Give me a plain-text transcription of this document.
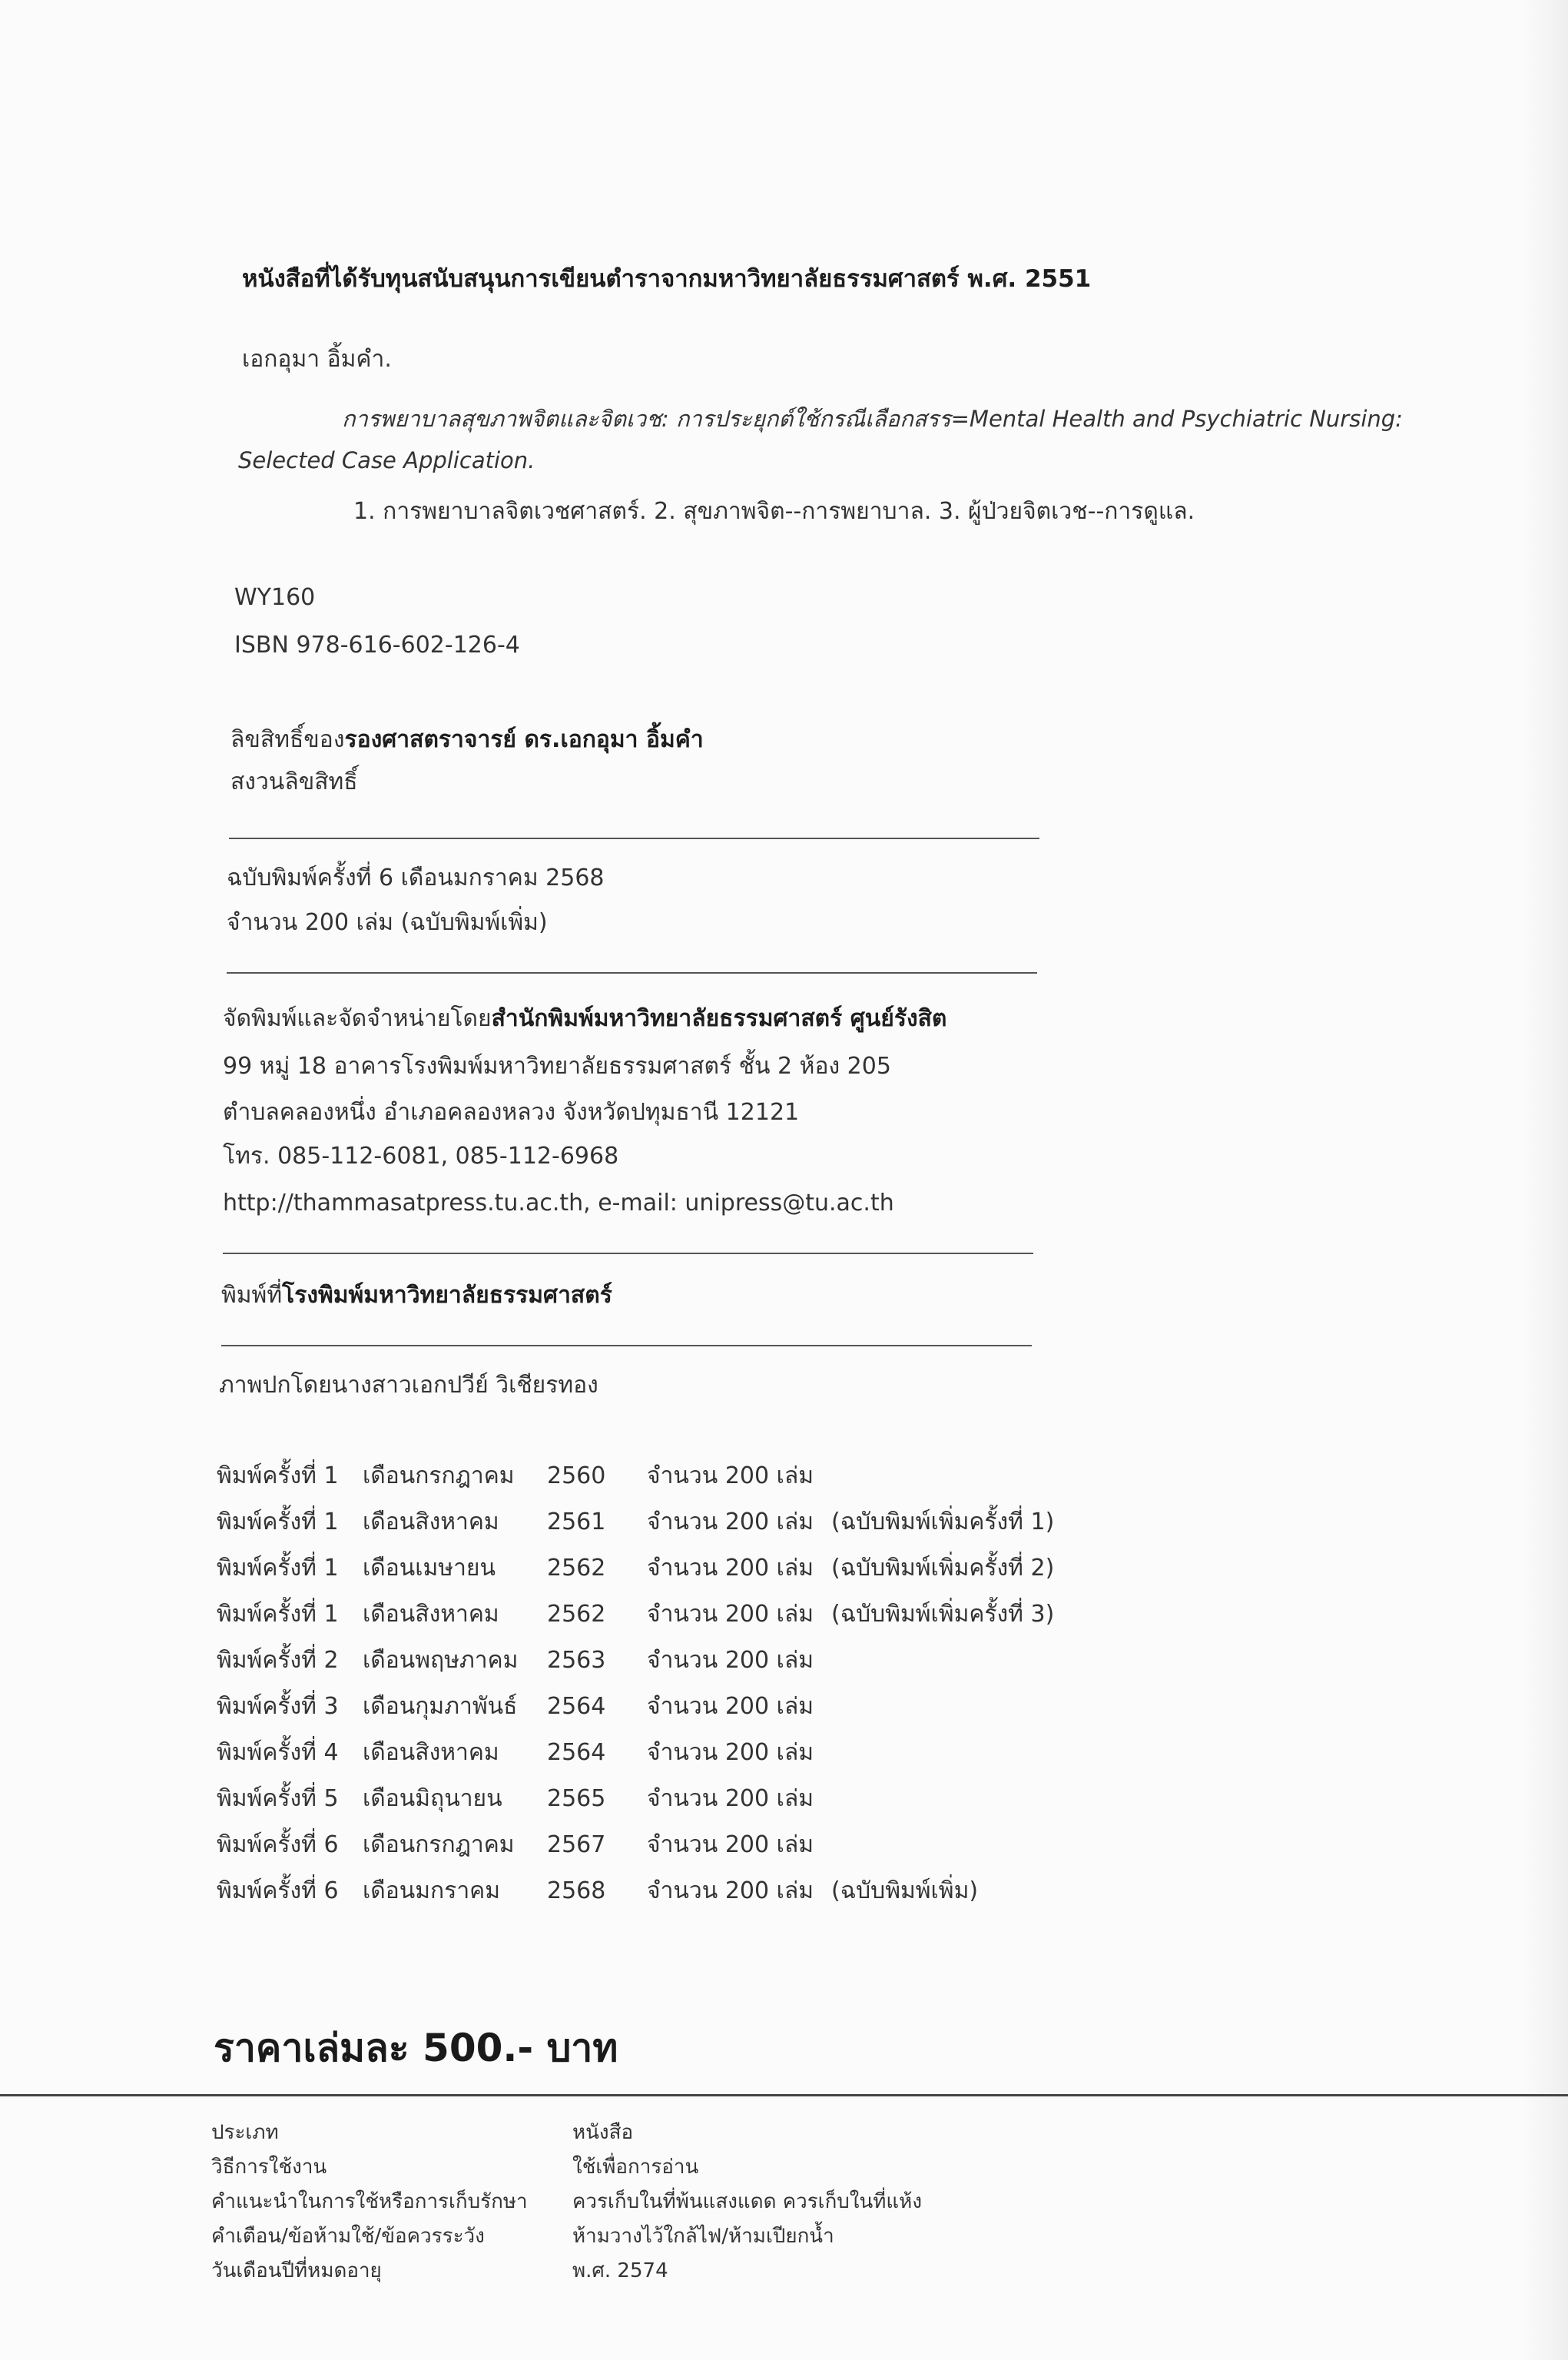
หนังสือที่ได้รับทุนสนับสนุนการเขียนตำราจากมหาวิทยาลัยธรรมศาสตร์ พ.ศ. 2551
เอกอุมา อิ้มคำ.
การพยาบาลสุขภาพจิตและจิตเวช: การประยุกต์ใช้กรณีเลือกสรร=Mental Health and Psychiatric Nursing:
Selected Case Application.
1. การพยาบาลจิตเวชศาสตร์. 2. สุขภาพจิต--การพยาบาล. 3. ผู้ป่วยจิตเวช--การดูแล.
WY160
ISBN 978-616-602-126-4
ลิขสิทธิ์ของรองศาสตราจารย์ ดร.เอกอุมา อิ้มคำ
สงวนลิขสิทธิ์
ฉบับพิมพ์ครั้งที่ 6 เดือนมกราคม 2568
จำนวน 200 เล่ม (ฉบับพิมพ์เพิ่ม)
จัดพิมพ์และจัดจำหน่ายโดยสำนักพิมพ์มหาวิทยาลัยธรรมศาสตร์ ศูนย์รังสิต
99 หมู่ 18 อาคารโรงพิมพ์มหาวิทยาลัยธรรมศาสตร์ ชั้น 2 ห้อง 205
ตำบลคลองหนึ่ง อำเภอคลองหลวง จังหวัดปทุมธานี 12121
โทร. 085-112-6081, 085-112-6968
http://thammasatpress.tu.ac.th, e-mail: unipress@tu.ac.th
พิมพ์ที่โรงพิมพ์มหาวิทยาลัยธรรมศาสตร์
ภาพปกโดยนางสาวเอกปวีย์ วิเชียรทอง
พิมพ์ครั้งที่ 1	เดือนกรกฎาคม	2560	จำนวน 200 เล่ม	
พิมพ์ครั้งที่ 1	เดือนสิงหาคม	2561	จำนวน 200 เล่ม	(ฉบับพิมพ์เพิ่มครั้งที่ 1)
พิมพ์ครั้งที่ 1	เดือนเมษายน	2562	จำนวน 200 เล่ม	(ฉบับพิมพ์เพิ่มครั้งที่ 2)
พิมพ์ครั้งที่ 1	เดือนสิงหาคม	2562	จำนวน 200 เล่ม	(ฉบับพิมพ์เพิ่มครั้งที่ 3)
พิมพ์ครั้งที่ 2	เดือนพฤษภาคม	2563	จำนวน 200 เล่ม	
พิมพ์ครั้งที่ 3	เดือนกุมภาพันธ์	2564	จำนวน 200 เล่ม	
พิมพ์ครั้งที่ 4	เดือนสิงหาคม	2564	จำนวน 200 เล่ม	
พิมพ์ครั้งที่ 5	เดือนมิถุนายน	2565	จำนวน 200 เล่ม	
พิมพ์ครั้งที่ 6	เดือนกรกฎาคม	2567	จำนวน 200 เล่ม	
พิมพ์ครั้งที่ 6	เดือนมกราคม	2568	จำนวน 200 เล่ม	(ฉบับพิมพ์เพิ่ม)
ราคาเล่มละ 500.- บาท
ประเภท	หนังสือ
วิธีการใช้งาน	ใช้เพื่อการอ่าน
คำแนะนำในการใช้หรือการเก็บรักษา ควรเก็บในที่พ้นแสงแดด ควรเก็บในที่แห้ง
คำเตือน/ข้อห้ามใช้/ข้อควรระวัง	ห้ามวางไว้ใกล้ไฟ/ห้ามเปียกน้ำ
วันเดือนปีที่หมดอายุ	พ.ศ. 2574
